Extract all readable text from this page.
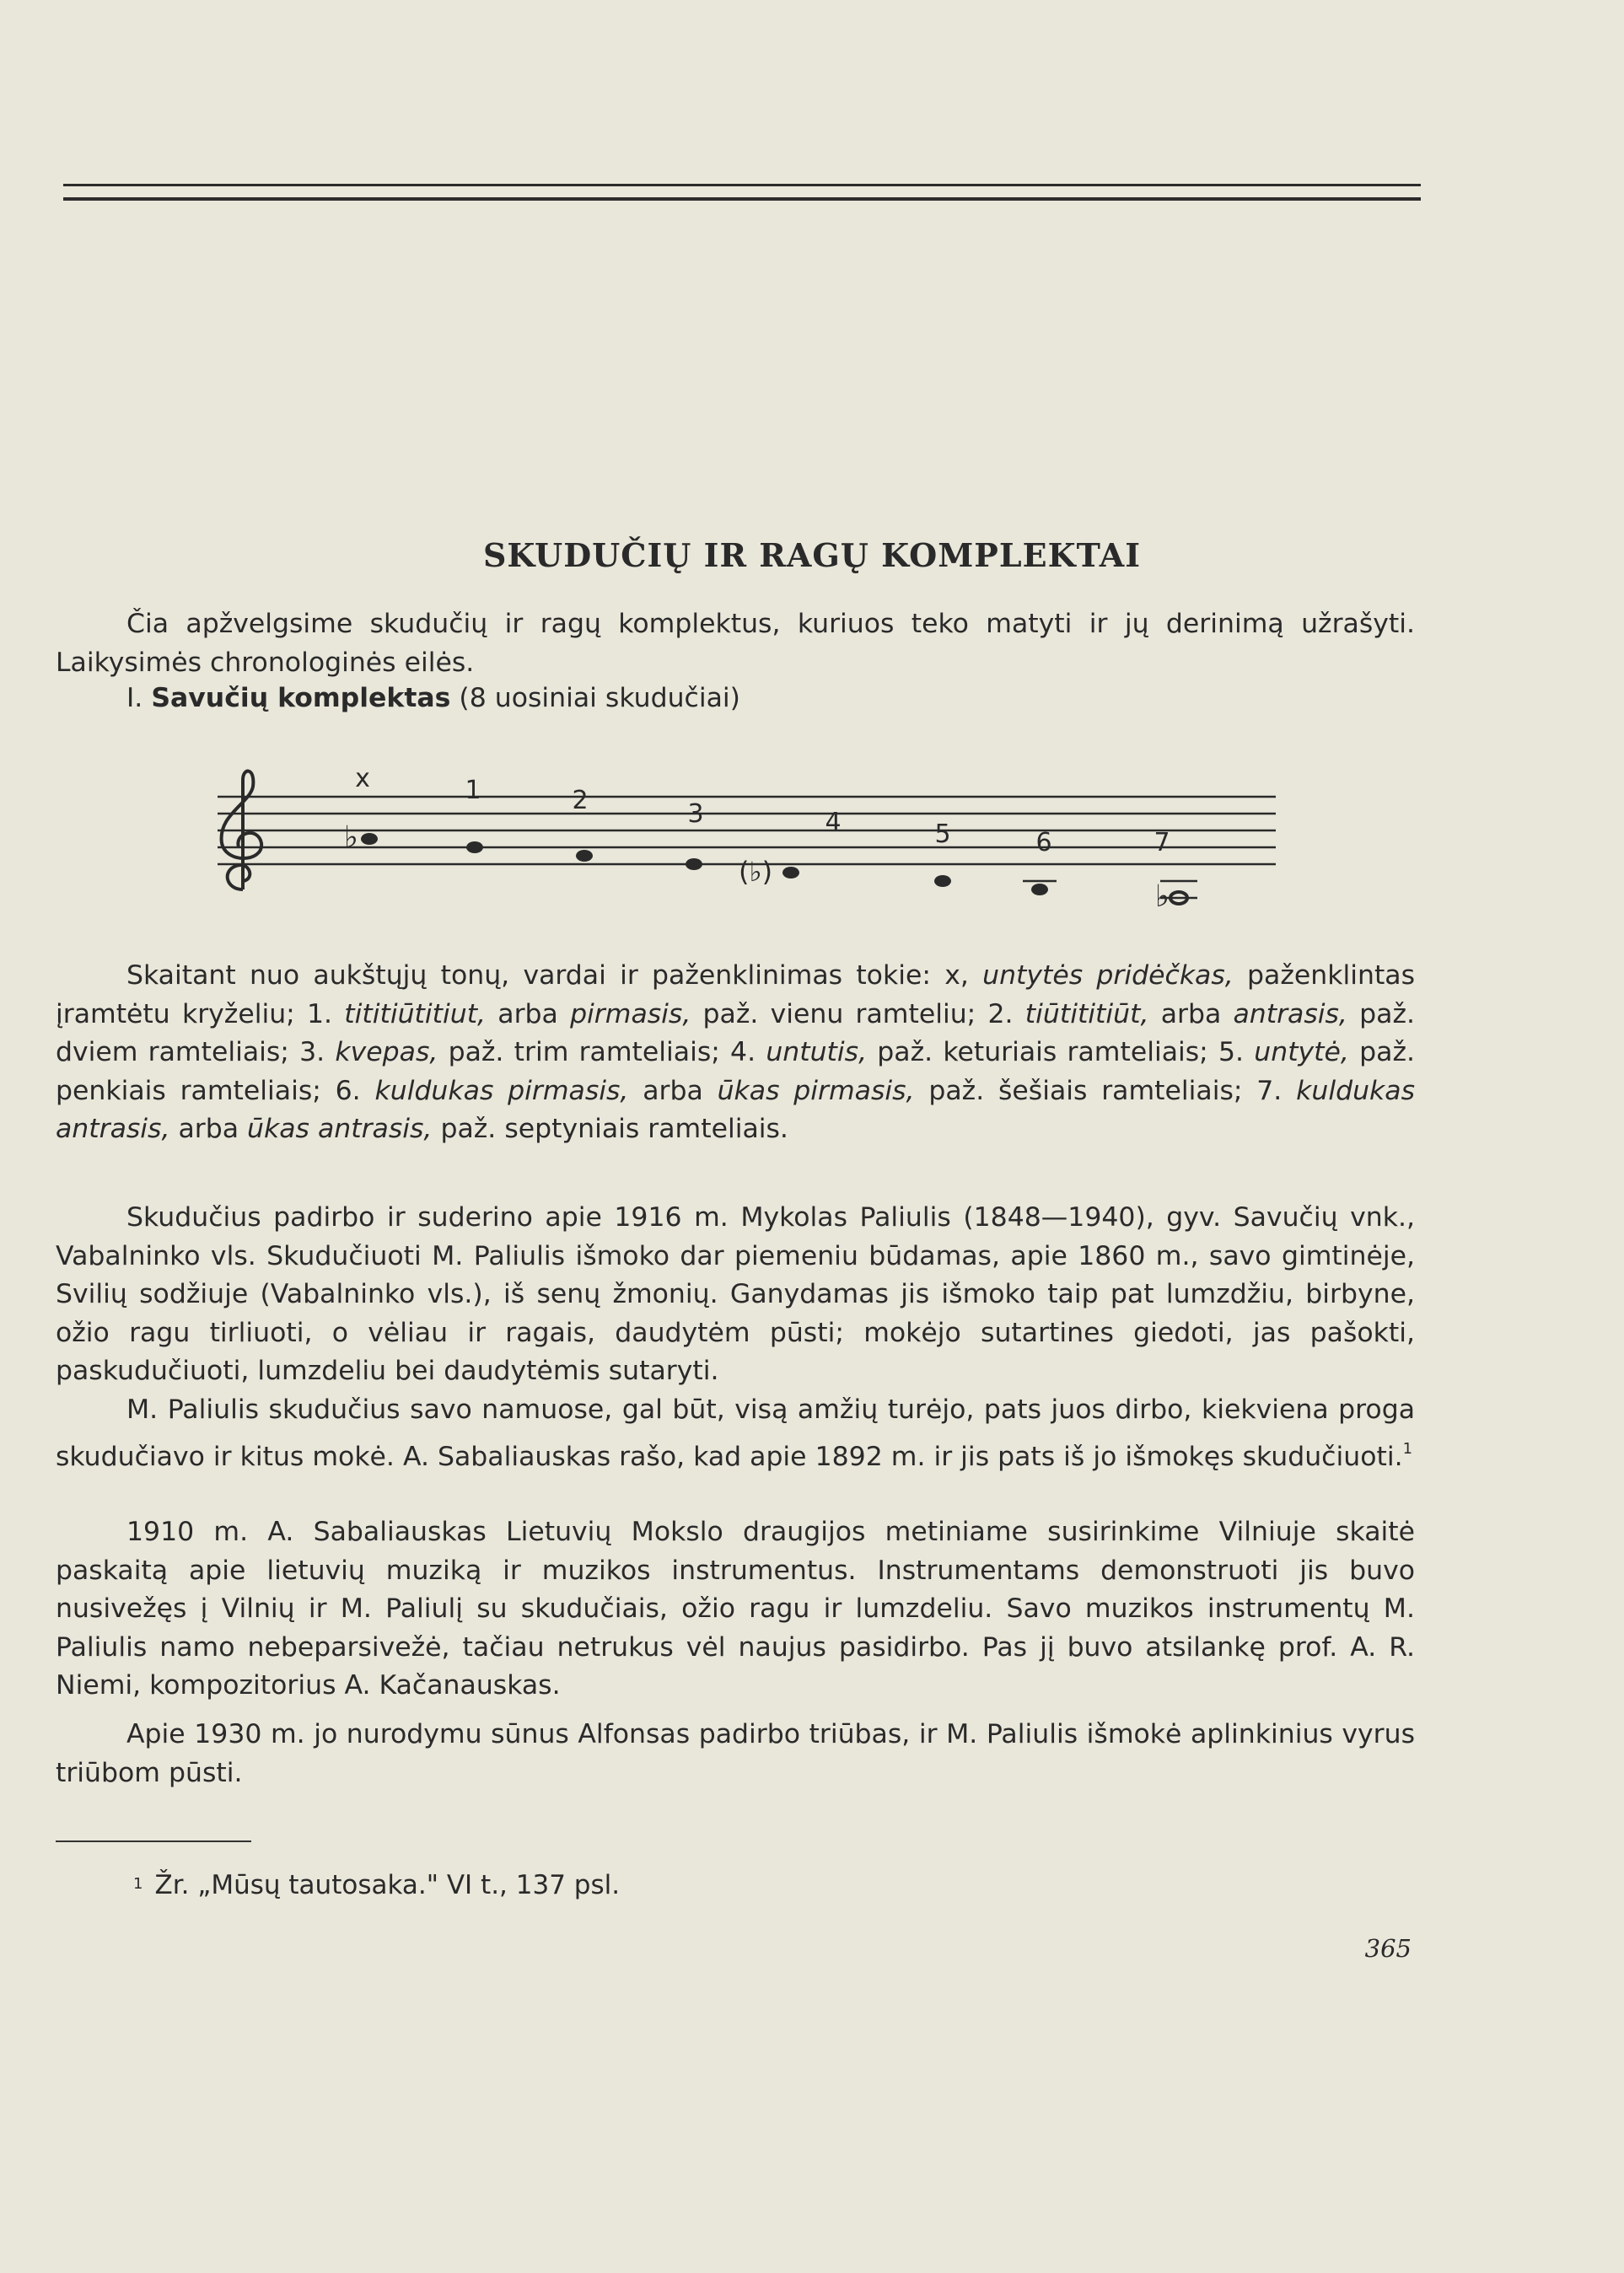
SKUDUČIŲ IR RAGŲ KOMPLEKTAI
Čia apžvelgsime skudučių ir ragų komplektus, kuriuos teko matyti ir jų derinimą užrašyti. Laikysimės chronologinės eilės.
I. Savučių komplektas (8 uosiniai skudučiai)
♭
(♭)
♭
x	1	2	3	4	5	6	7
Skaitant nuo aukštųjų tonų, vardai ir paženklinimas tokie: x, untytės pridėčkas, paženklintas įramtėtu kryželiu; 1. tititiūtitiut, arba pirmasis, pаž. vienu ramteliu; 2. tiūtititiūt, arba antrasis, paž. dviem ramteliais; 3. kvepas, paž. trim ramteliais; 4. untutis, paž. keturiais ramteliais; 5. untytė, paž. penkiais ramteliais; 6. kuldukas pirmasis, arba ūkas pirmasis, paž. šešiais ramteliais; 7. kuldukas antrasis, arba ūkas antrasis, paž. septyniais ramteliais.
Skudučius padirbo ir suderino apie 1916 m. Mykolas Paliulis (1848—1940), gyv. Savučių vnk., Vabalninko vls. Skudučiuoti M. Paliulis išmoko dar piemeniu būdamas, apie 1860 m., savo gimtinėje, Svilių sodžiuje (Vabalninko vls.), iš senų žmonių. Ganydamas jis išmoko taip pat lumzdžiu, birbyne, ožio ragu tirliuoti, o vėliau ir ragais, daudytėm pūsti; mokėjo sutartines giedoti, jas pašokti, paskudučiuoti, lumzdeliu bei daudytėmis sutaryti.
M. Paliulis skudučius savo namuose, gal būt, visą amžių turėjo, pats juos dirbo, kiekviena proga skudučiavo ir kitus mokė. A. Sabaliauskas rašo, kad apie 1892 m. ir jis pats iš jo išmokęs skudučiuoti.$^1$
1910 m. A. Sabaliauskas Lietuvių Mokslo draugijos metiniame susirinkime Vilniuje skaitė paskaitą apie lietuvių muziką ir muzikos instrumentus. Instrumentams demonstruoti jis buvo nusivežęs į Vilnių ir M. Paliulį su skudučiais, ožio ragu ir lumzdeliu. Savo muzikos instrumentų M. Paliulis namo nebeparsivežė, tačiau netrukus vėl naujus pasidirbo. Pas jį buvo atsilankę prof. A. R. Niemi, kompozitorius A. Kačanauskas.
Apie 1930 m. jo nurodymu sūnus Alfonsas padirbo triūbas, ir M. Paliulis išmokė aplinkinius vyrus triūbom pūsti.
$^1$ Žr. „Mūsų tautosaka." VI t., 137 psl.
365
